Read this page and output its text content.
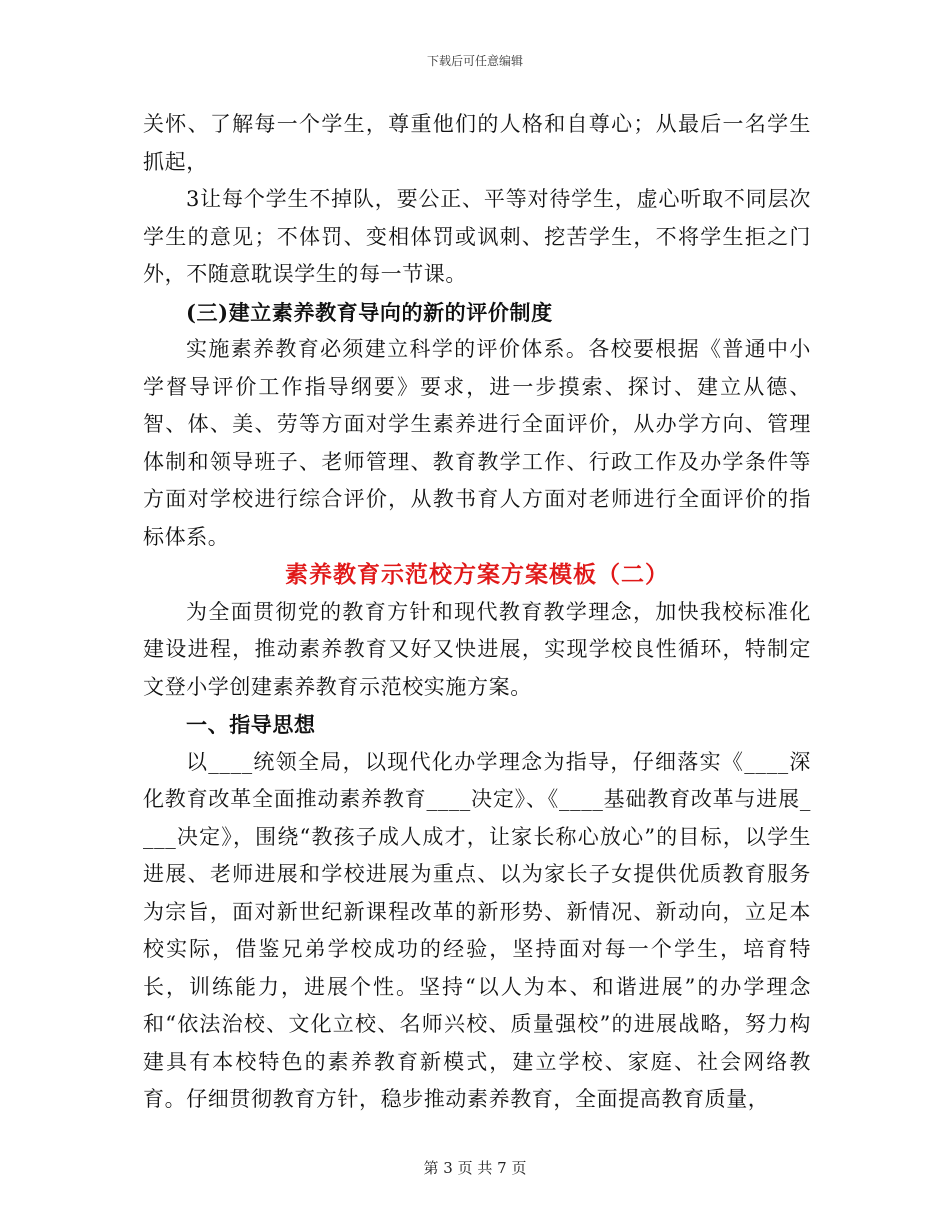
下载后可任意编辑

关怀、了解每一个学生，尊重他们的人格和自尊心；从最后一名学生抓起，

3让每个学生不掉队，要公正、平等对待学生，虚心听取不同层次学生的意见；不体罚、变相体罚或讽刺、挖苦学生，不将学生拒之门外，不随意耽误学生的每一节课。

(三)建立素养教育导向的新的评价制度

实施素养教育必须建立科学的评价体系。各校要根据《普通中小学督导评价工作指导纲要》要求，进一步摸索、探讨、建立从德、智、体、美、劳等方面对学生素养进行全面评价，从办学方向、管理体制和领导班子、老师管理、教育教学工作、行政工作及办学条件等方面对学校进行综合评价，从教书育人方面对老师进行全面评价的指标体系。

素养教育示范校方案方案模板（二）

为全面贯彻党的教育方针和现代教育教学理念，加快我校标准化建设进程，推动素养教育又好又快进展，实现学校良性循环，特制定文登小学创建素养教育示范校实施方案。

一、指导思想

以____统领全局，以现代化办学理念为指导，仔细落实《____深化教育改革全面推动素养教育____决定》、《____基础教育改革与进展____决定》，围绕“教孩子成人成才，让家长称心放心”的目标，以学生进展、老师进展和学校进展为重点、以为家长子女提供优质教育服务为宗旨，面对新世纪新课程改革的新形势、新情况、新动向，立足本校实际，借鉴兄弟学校成功的经验，坚持面对每一个学生，培育特长，训练能力，进展个性。坚持“以人为本、和谐进展”的办学理念和“依法治校、文化立校、名师兴校、质量强校”的进展战略，努力构建具有本校特色的素养教育新模式，建立学校、家庭、社会网络教育。仔细贯彻教育方针，稳步推动素养教育，全面提高教育质量，

第 3 页 共 7 页
